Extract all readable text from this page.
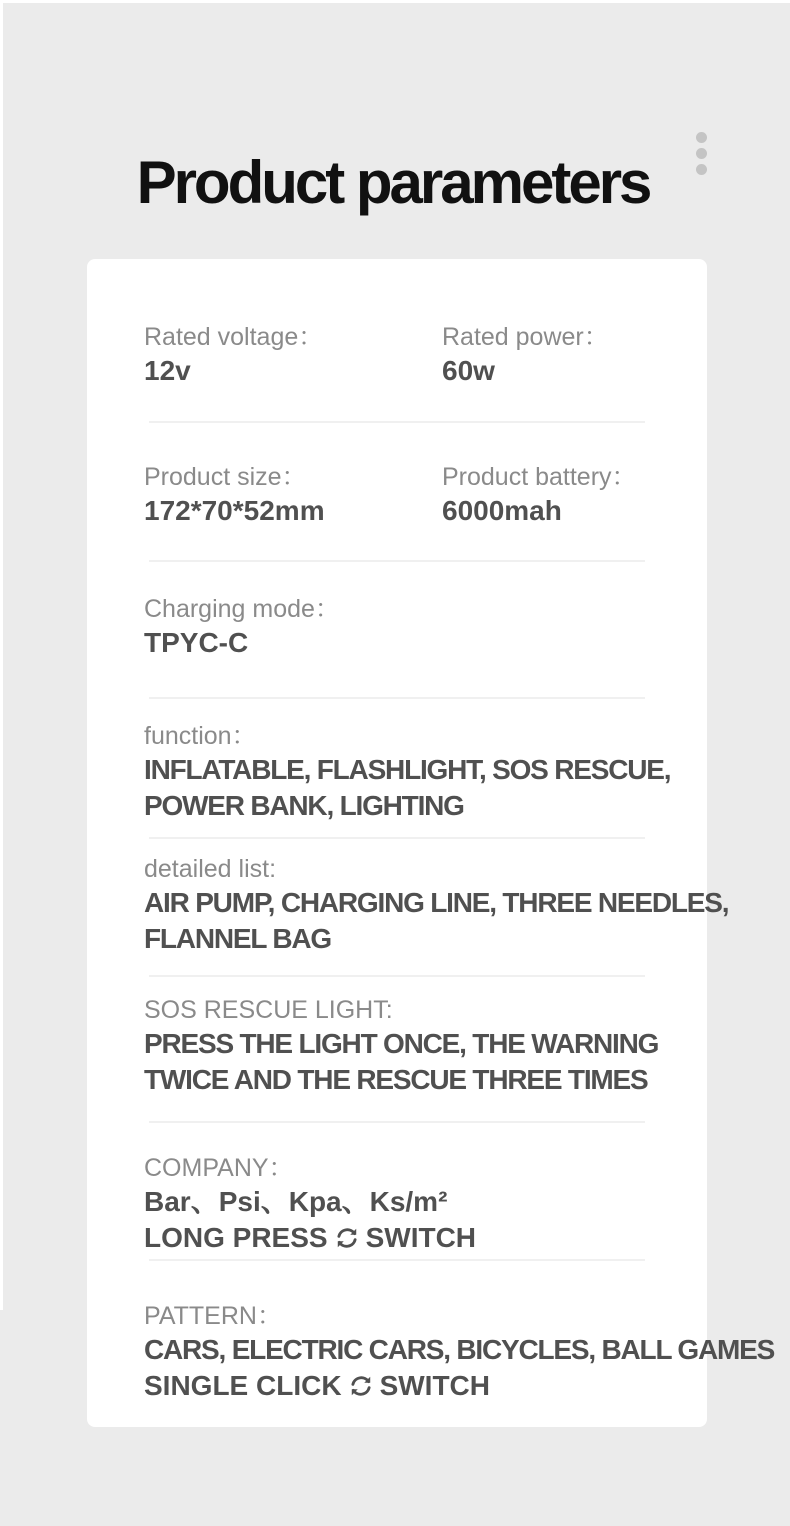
Product parameters
Rated voltage：
12v
Rated power：
60w
Product size：
172*70*52mm
Product battery：
6000mah
Charging mode：
TPYC-C
function：
INFLATABLE, FLASHLIGHT, SOS RESCUE,
POWER BANK, LIGHTING
detailed list:
AIR PUMP, CHARGING LINE, THREE NEEDLES,
FLANNEL BAG
SOS RESCUE LIGHT:
PRESS THE LIGHT ONCE, THE WARNING
TWICE AND THE RESCUE THREE TIMES
COMPANY：
Bar、Psi、Kpa、Ks/m²
LONG PRESS SWITCH
PATTERN：
CARS, ELECTRIC CARS, BICYCLES, BALL GAMES
SINGLE CLICK SWITCH
